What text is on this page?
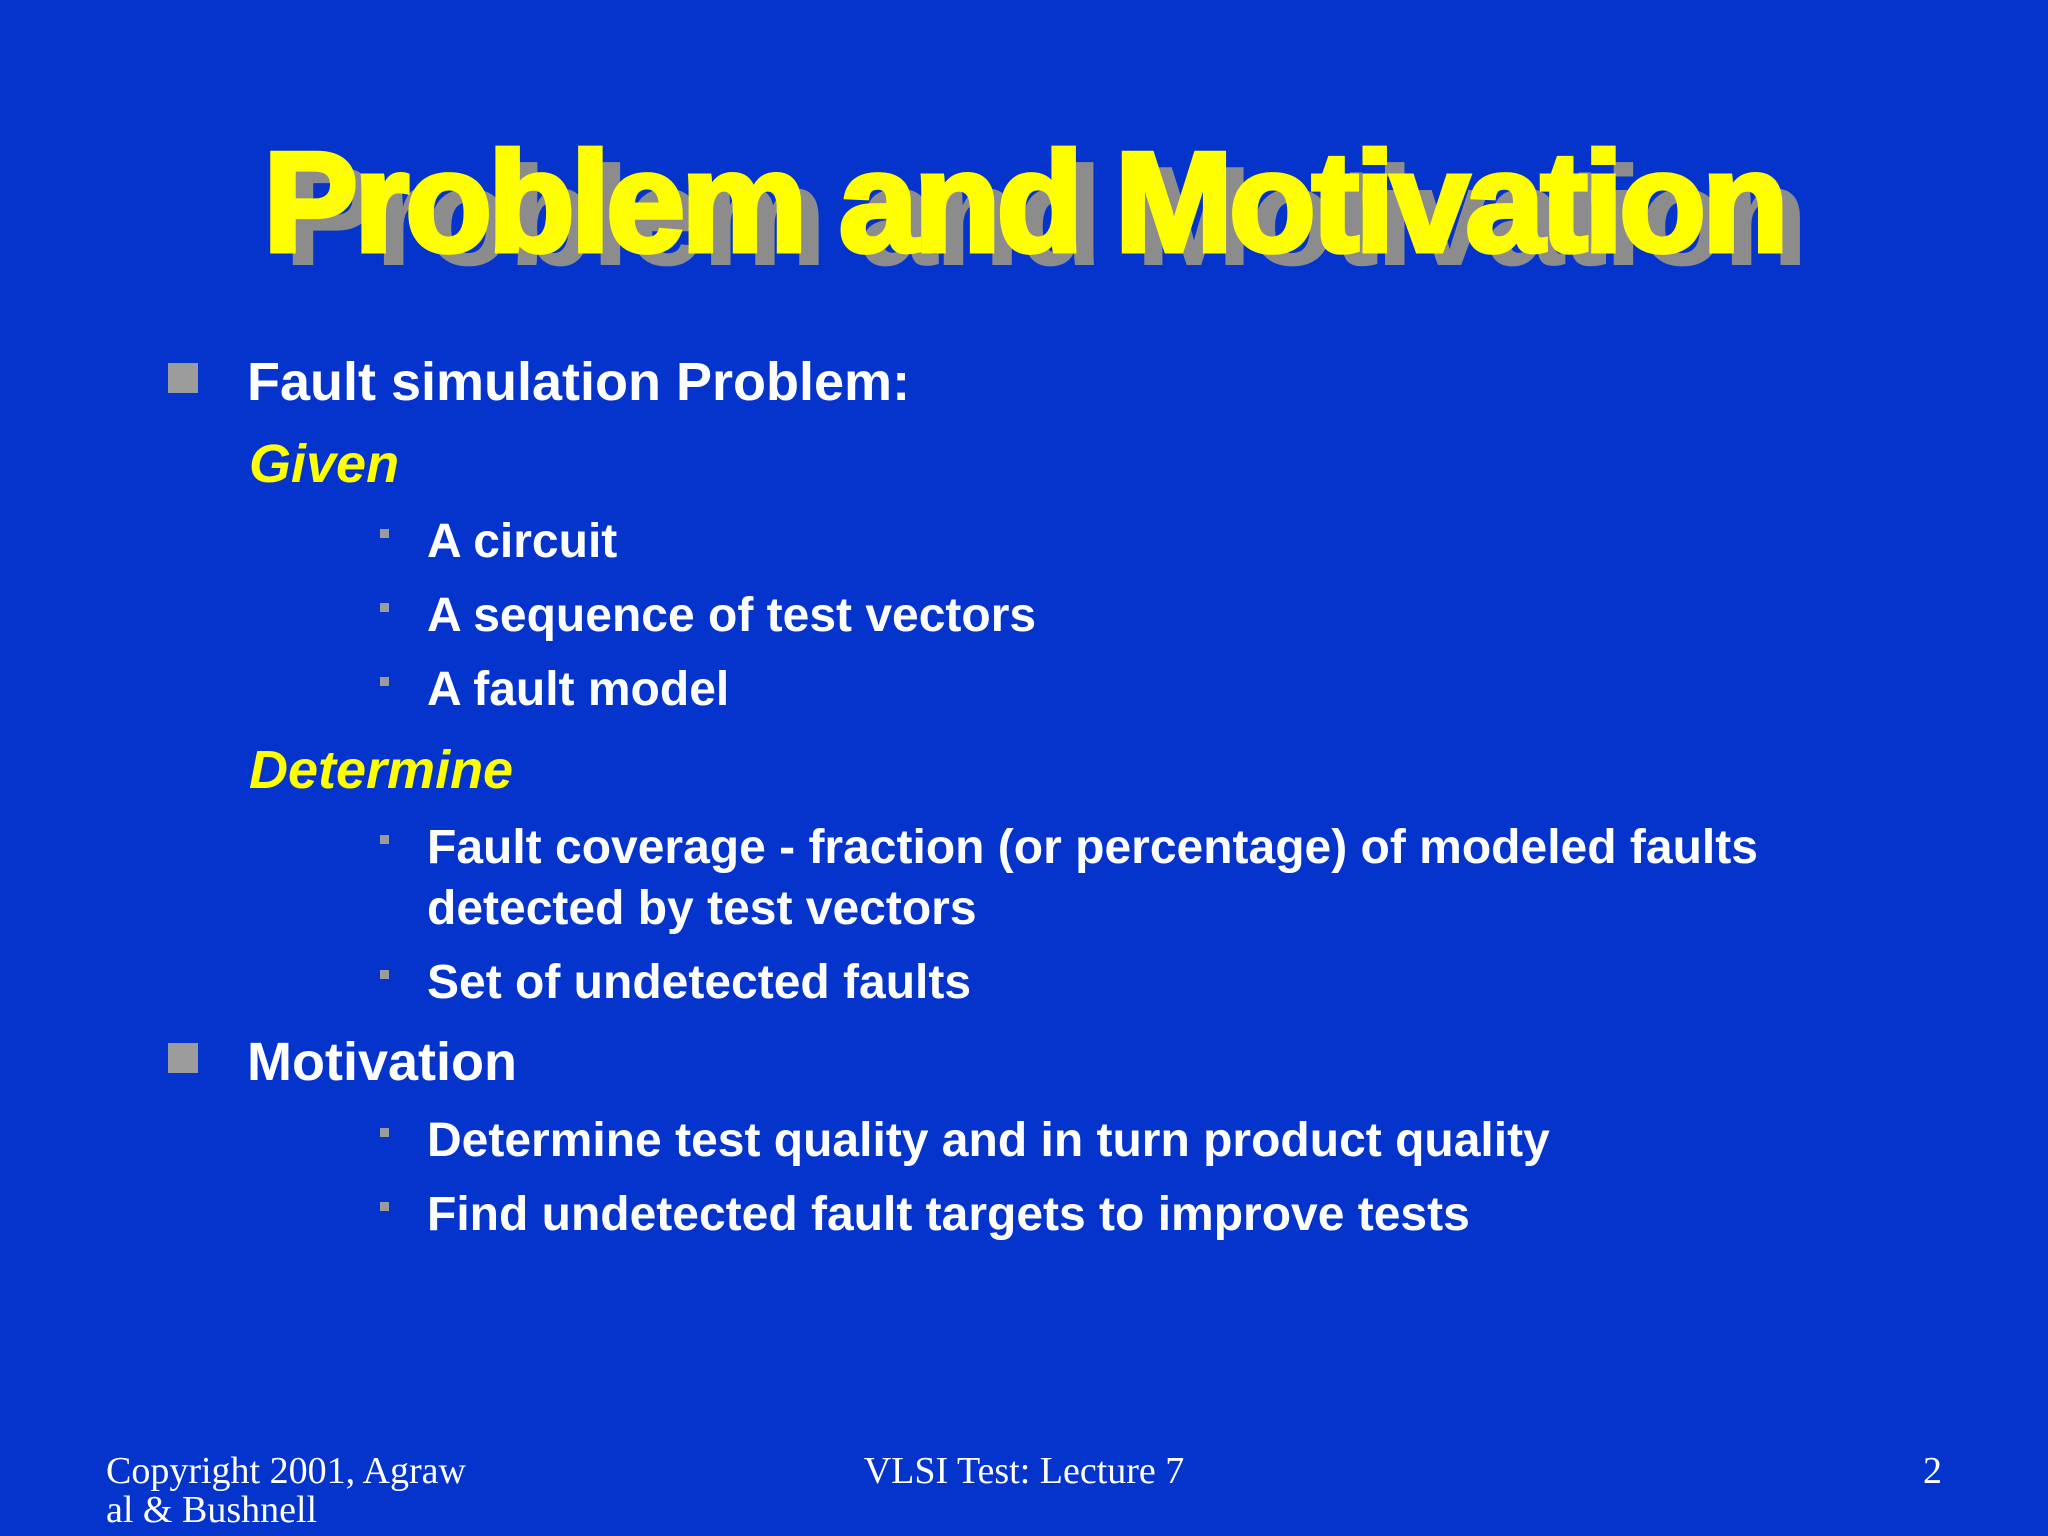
Problem and Motivation
Fault simulation Problem:
Given
A circuit
A sequence of test vectors
A fault model
Determine
Fault coverage - fraction (or percentage) of modeled faults
detected by test vectors
Set of undetected faults
Motivation
Determine test quality and in turn product quality
Find undetected fault targets to improve tests
Copyright 2001, Agraw
al & Bushnell
VLSI Test: Lecture 7	2
